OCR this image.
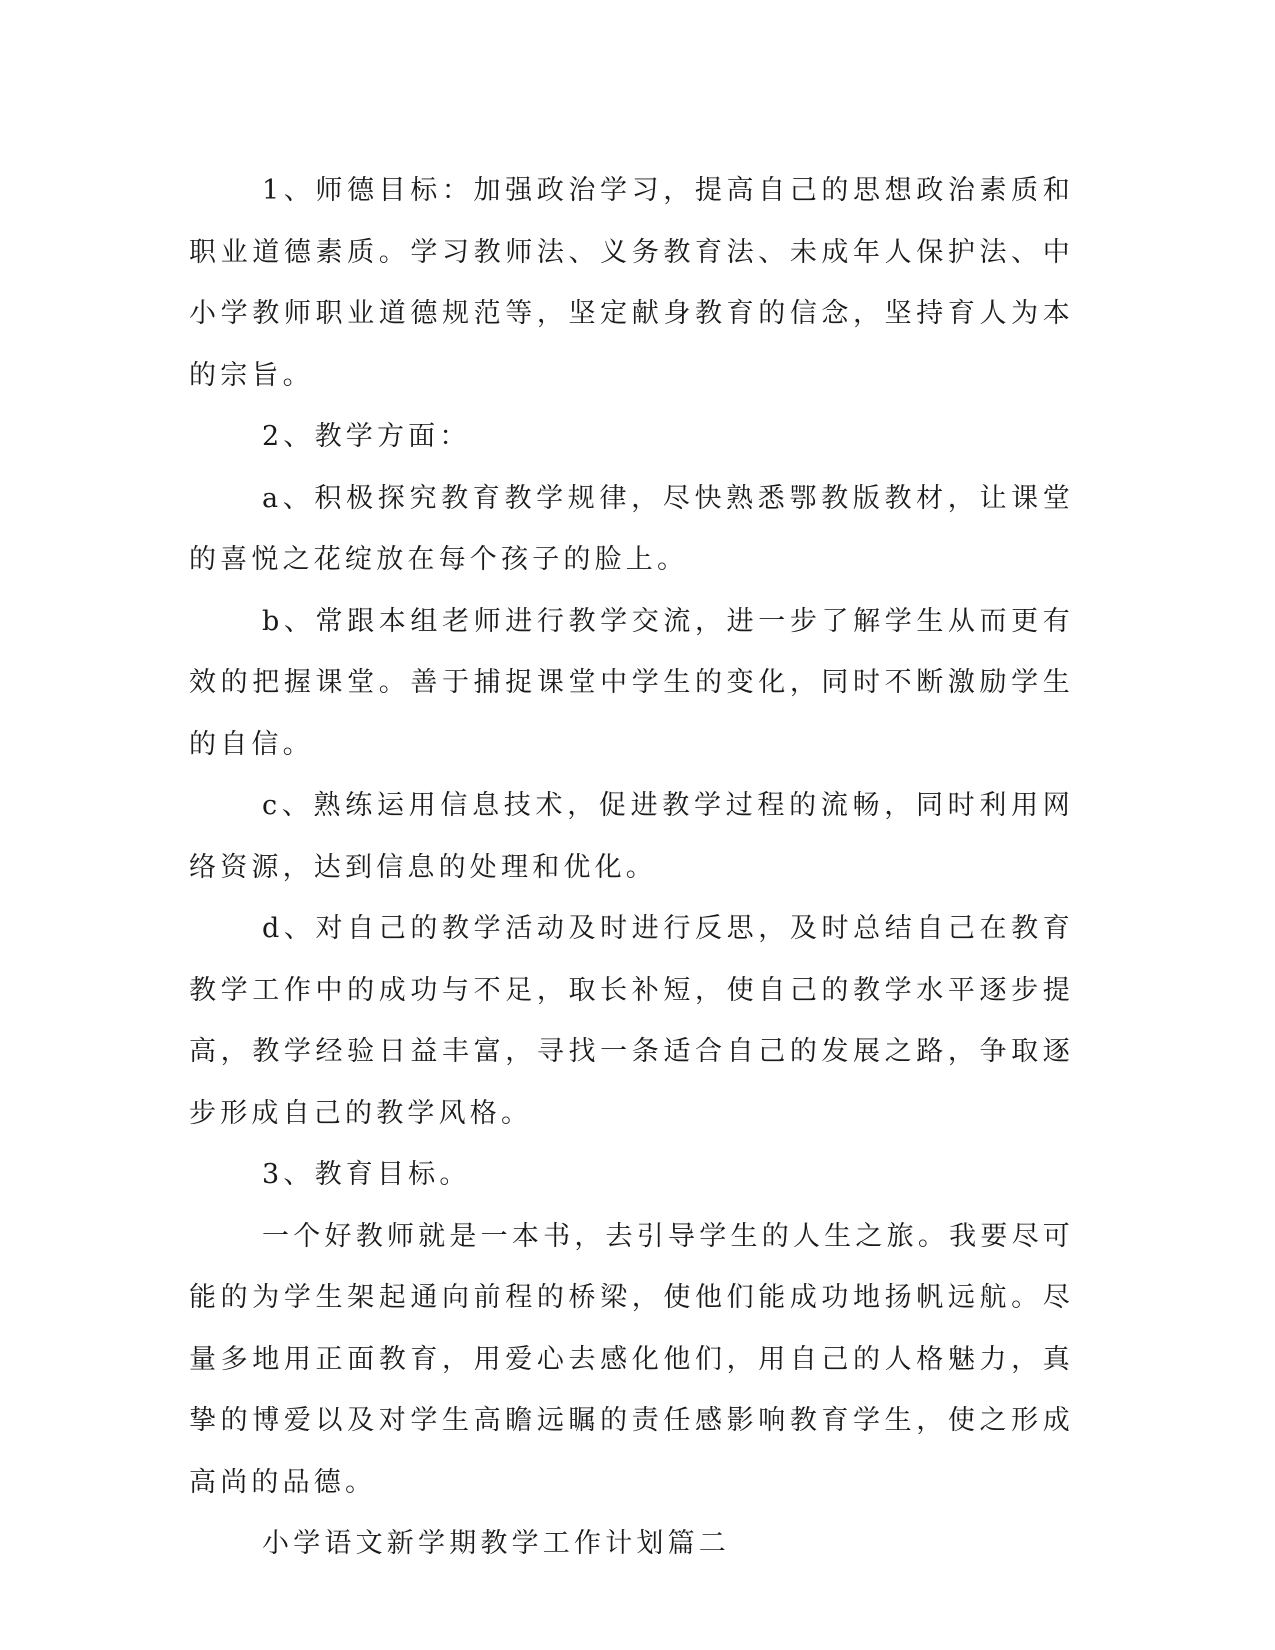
1、师德目标：加强政治学习，提高自己的思想政治素质和职业道德素质。学习教师法、义务教育法、未成年人保护法、中小学教师职业道德规范等，坚定献身教育的信念，坚持育人为本的宗旨。

2、教学方面：

a、积极探究教育教学规律，尽快熟悉鄂教版教材，让课堂的喜悦之花绽放在每个孩子的脸上。

b、常跟本组老师进行教学交流，进一步了解学生从而更有效的把握课堂。善于捕捉课堂中学生的变化，同时不断激励学生的自信。

c、熟练运用信息技术，促进教学过程的流畅，同时利用网络资源，达到信息的处理和优化。

d、对自己的教学活动及时进行反思，及时总结自己在教育教学工作中的成功与不足，取长补短，使自己的教学水平逐步提高，教学经验日益丰富，寻找一条适合自己的发展之路，争取逐步形成自己的教学风格。

3、教育目标。

一个好教师就是一本书，去引导学生的人生之旅。我要尽可能的为学生架起通向前程的桥梁，使他们能成功地扬帆远航。尽量多地用正面教育，用爱心去感化他们，用自己的人格魅力，真挚的博爱以及对学生高瞻远瞩的责任感影响教育学生，使之形成高尚的品德。

小学语文新学期教学工作计划篇二
